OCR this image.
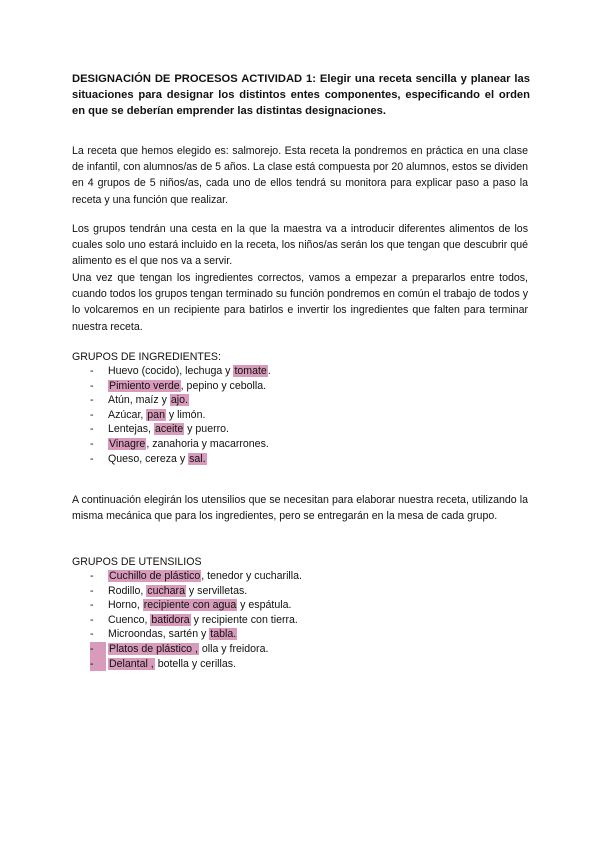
DESIGNACIÓN DE PROCESOS ACTIVIDAD 1: Elegir una receta sencilla y planear las situaciones para designar los distintos entes componentes, especificando el orden en que se deberían emprender las distintas designaciones.

La receta que hemos elegido es: salmorejo. Esta receta la pondremos en práctica en una clase de infantil, con alumnos/as de 5 años. La clase está compuesta por 20 alumnos, estos se dividen en 4 grupos de 5 niños/as, cada uno de ellos tendrá su monitora para explicar paso a paso la receta y una función que realizar.

Los grupos tendrán una cesta en la que la maestra va a introducir diferentes alimentos de los cuales solo uno estará incluido en la receta, los niños/as serán los que tengan que descubrir qué alimento es el que nos va a servir.

Una vez que tengan los ingredientes correctos, vamos a empezar a prepararlos entre todos, cuando todos los grupos tengan terminado su función pondremos en común el trabajo de todos y lo volcaremos en un recipiente para batirlos e invertir los ingredientes que falten para terminar nuestra receta.

GRUPOS DE INGREDIENTES:

- Huevo (cocido), lechuga y tomate.
- Pimiento verde, pepino y cebolla.
- Atún, maíz y ajo.
- Azúcar, pan y limón.
- Lentejas, aceite y puerro.
- Vinagre, zanahoria y macarrones.
- Queso, cereza y sal.

A continuación elegirán los utensilios que se necesitan para elaborar nuestra receta, utilizando la misma mecánica que para los ingredientes, pero se entregarán en la mesa de cada grupo.

GRUPOS DE UTENSILIOS

- Cuchillo de plástico, tenedor y cucharilla.
- Rodillo, cuchara y servilletas.
- Horno, recipiente con agua y espátula.
- Cuenco, batidora y recipiente con tierra.
- Microondas, sartén y tabla.
-	Platos de plástico , olla y freidora.
-	Delantal , botella y cerillas.
